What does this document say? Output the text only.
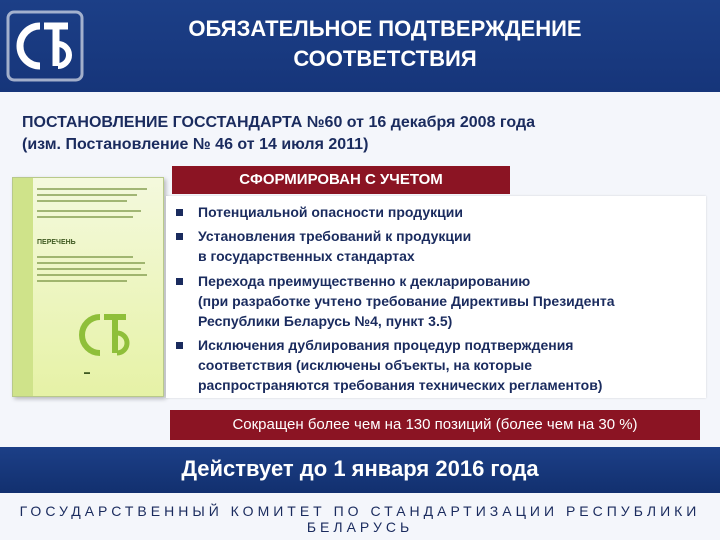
ОБЯЗАТЕЛЬНОЕ ПОДТВЕРЖДЕНИЕ
СООТВЕТСТВИЯ
ПОСТАНОВЛЕНИЕ ГОССТАНДАРТА №60 от 16 декабря 2008 года
(изм. Постановление № 46 от 14 июля 2011)
ПЕРЕЧЕНЬ
▬
СФОРМИРОВАН С УЧЕТОМ
Потенциальной опасности продукции
Установления требований к продукции
в государственных стандартах
Перехода преимущественно к декларированию
(при разработке учтено требование Директивы Президента
Республики Беларусь №4, пункт 3.5)
Исключения дублирования процедур подтверждения
соответствия (исключены объекты, на которые
распространяются требования технических регламентов)
Сокращен более чем на 130 позиций (более чем на 30 %)
Действует до 1 января 2016 года
ГОСУДАРСТВЕННЫЙ КОМИТЕТ ПО СТАНДАРТИЗАЦИИ РЕСПУБЛИКИ БЕЛАРУСЬ
